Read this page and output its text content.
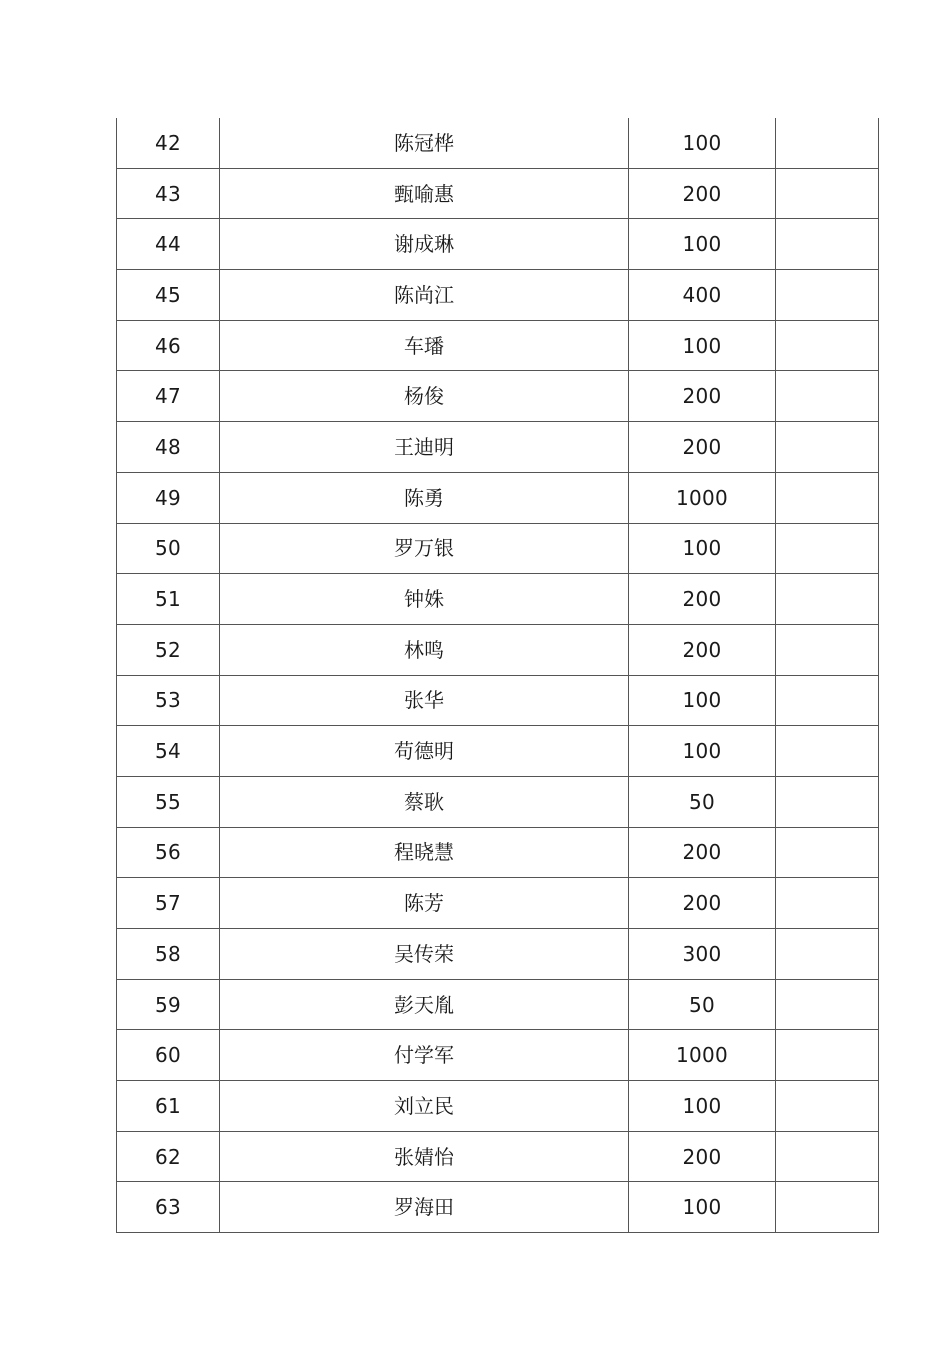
42	陈冠桦	100	
43	甄喻惠	200	
44	谢成琳	100	
45	陈尚江	400	
46	车璠	100	
47	杨俊	200	
48	王迪明	200	
49	陈勇	1000	
50	罗万银	100	
51	钟姝	200	
52	林鸣	200	
53	张华	100	
54	苟德明	100	
55	蔡耿	50	
56	程晓慧	200	
57	陈芳	200	
58	吴传荣	300	
59	彭天胤	50	
60	付学军	1000	
61	刘立民	100	
62	张婧怡	200	
63	罗海田	100	
